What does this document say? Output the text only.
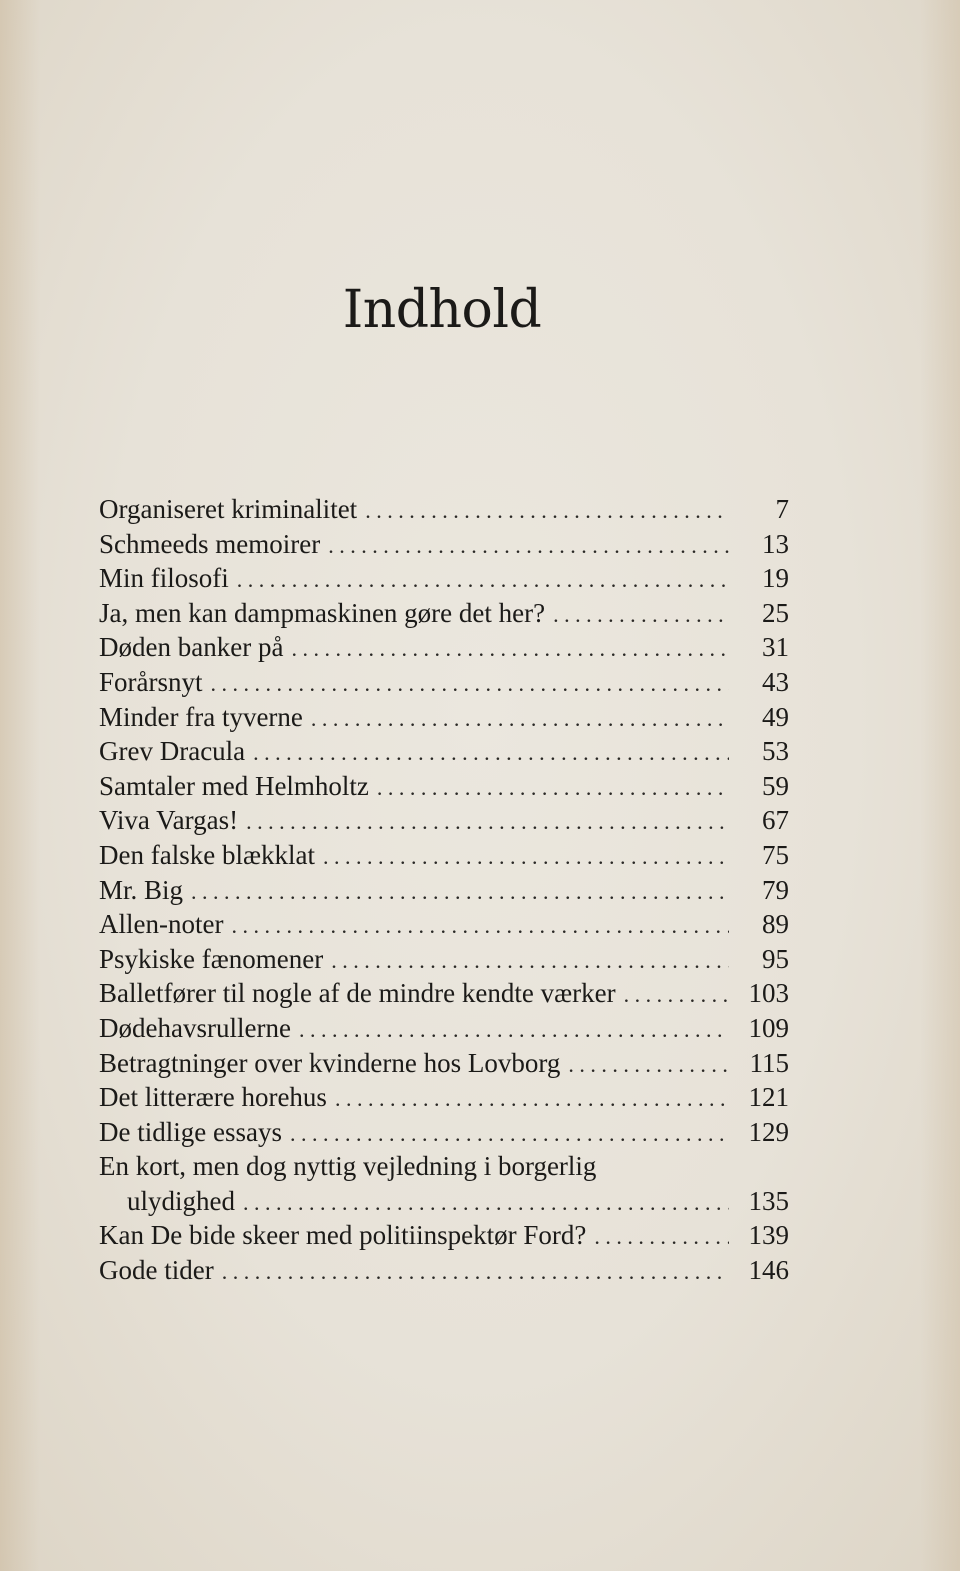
Indhold
Organiseret kriminalitet . . .	7
Schmeeds memoirer . . .	13
Min filosofi . . .	19
Ja, men kan dampmaskinen gøre det her? . . .	25
Døden banker på . . .	31
Forårsnyt . . .	43
Minder fra tyverne . . .	49
Grev Dracula . . .	53
Samtaler med Helmholtz . . .	59
Viva Vargas! . . .	67
Den falske blækklat . . .	75
Mr. Big . . .	79
Allen-noter . . .	89
Psykiske fænomener . . .	95
Balletfører til nogle af de mindre kendte værker . . .	103
Dødehavsrullerne . . .	109
Betragtninger over kvinderne hos Lovborg . . .	115
Det litterære horehus . . .	121
De tidlige essays . . .	129
En kort, men dog nyttig vejledning i borgerlig
ulydighed . . .	135
Kan De bide skeer med politiinspektør Ford? . . .	139
Gode tider . . .	146
